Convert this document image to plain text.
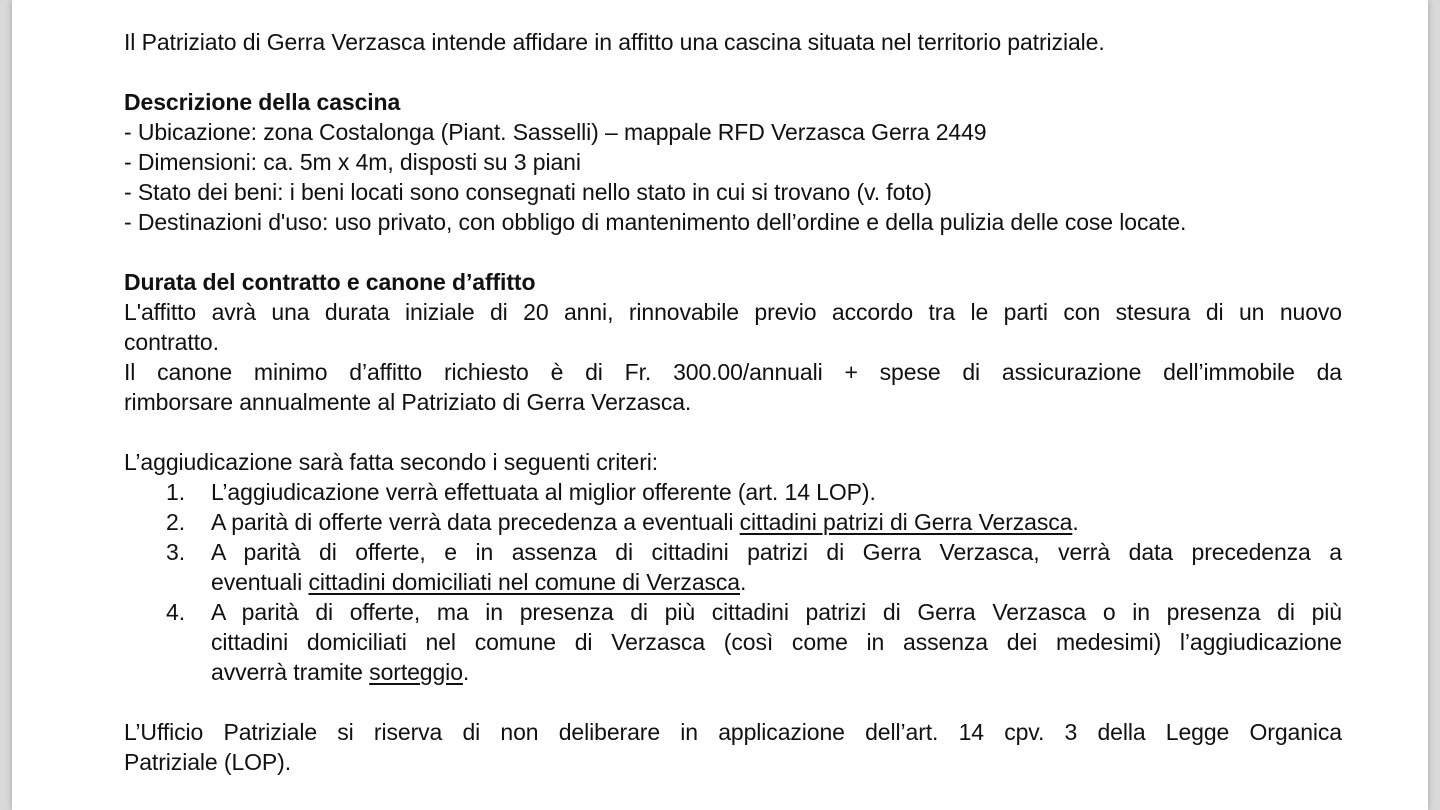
Il Patriziato di Gerra Verzasca intende affidare in affitto una cascina situata nel territorio patriziale.
Descrizione della cascina
- Ubicazione: zona Costalonga (Piant. Sasselli) – mappale RFD Verzasca Gerra 2449
- Dimensioni: ca. 5m x 4m, disposti su 3 piani
- Stato dei beni: i beni locati sono consegnati nello stato in cui si trovano (v. foto)
- Destinazioni d'uso: uso privato, con obbligo di mantenimento dell’ordine e della pulizia delle cose locate.
Durata del contratto e canone d’affitto
L'affitto avrà una durata iniziale di 20 anni, rinnovabile previo accordo tra le parti con stesura di un nuovo
contratto.
Il canone minimo d’affitto richiesto è di Fr. 300.00/annuali + spese di assicurazione dell’immobile da
rimborsare annualmente al Patriziato di Gerra Verzasca.
L’aggiudicazione sarà fatta secondo i seguenti criteri:
1. L’aggiudicazione verrà effettuata al miglior offerente (art. 14 LOP).
2. A parità di offerte verrà data precedenza a eventuali cittadini patrizi di Gerra Verzasca.
3. A parità di offerte, e in assenza di cittadini patrizi di Gerra Verzasca, verrà data precedenza a
eventuali cittadini domiciliati nel comune di Verzasca.
4. A parità di offerte, ma in presenza di più cittadini patrizi di Gerra Verzasca o in presenza di più
cittadini domiciliati nel comune di Verzasca (così come in assenza dei medesimi) l’aggiudicazione
avverrà tramite sorteggio.
L’Ufficio Patriziale si riserva di non deliberare in applicazione dell’art. 14 cpv. 3 della Legge Organica
Patriziale (LOP).
